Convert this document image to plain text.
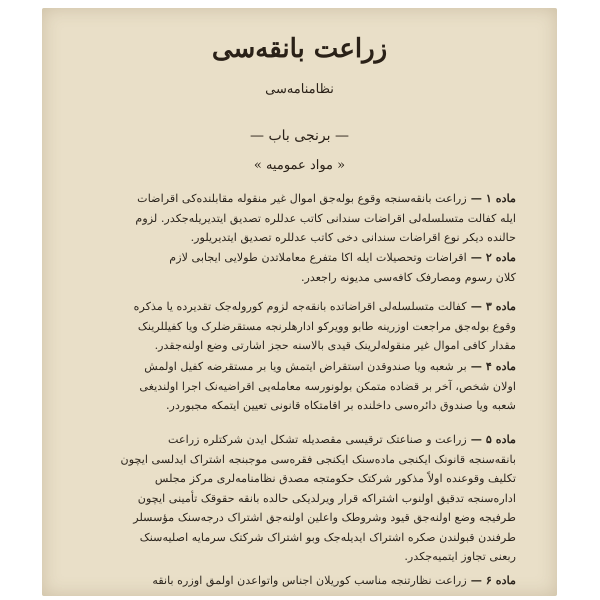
زراعت بانقه‌سی
نظامنامه‌سی
— برنجی باب —
« مواد عمومیه »
ماده ۱ —زراعت بانقه‌سنجه وقوع بوله‌جق اموال غیر منقوله مقابلنده‌کی اقراضات
ایله کفالت متسلسله‌لی اقراضات سندانی کاتب عدللره تصدیق ایتدیریله‌جکدر. لزوم
حالنده دیکر نوع اقراضات سندانی دخی کاتب عدللره تصدیق ایتدیریلور.
ماده ۲ —اقراضات وتحصیلات ایله اکا متفرع معاملاتدن طولایی ایجابی لازم
کلان رسوم ومصارفک کافه‌سی مدیونه راجعدر.
ماده ۳ —کفالت متسلسله‌لی اقراضاتده بانقه‌جه لزوم کوروله‌جک تقدیرده یا مذکره
وقوع بوله‌جق مراجعت اوزرینه طابو وویرکو ادارهلرنجه مستقرضلرک ویا کفیللرینک
مقدار کافی اموال غیر منقوله‌لرینک قیدی بالاسنه حجز اشارتی وضع اولنه‌جقدر.
ماده ۴ —بر شعبه ویا صندوقدن استقراض ایتمش ویا بر مستقرضه کفیل اولمش
اولان شخص، آخر بر قضاده متمکن بولونورسه معامله‌یی اقراضیه‌نک اجرا اولندیغی
شعبه ویا صندوق دائره‌سی داخلنده بر اقامتکاه قانونی تعیین ایتمکه مجبوردر.
ماده ۵ —زراعت و صناعتک ترقیسی مقصدیله تشکل ایدن شرکتلره زراعت
بانقه‌سنجه قانونک ایکنجی ماده‌سنک ایکنجی فقره‌سی موجبنجه اشتراک ایدلسی ایچون
تکلیف وقوعنده اولاً مذکور شرکتک حکومتجه مصدق نظامنامه‌لری مرکز مجلس
اداره‌سنجه تدقیق اولنوب اشتراکه قرار ویرلدیکی حالده بانقه حقوقک تأمینی ایچون
طرفیجه وضع اولنه‌جق قیود وشروطک واعلین اولنه‌جق اشتراک درجه‌سنک مؤسسلر
طرفندن قبولندن صکره اشتراک ایدیله‌جک وبو اشتراک شرکتک سرمایه اصلیه‌سنک
ربعنی تجاوز ایتمیه‌جکدر.
ماده ۶ —زراعت نظارتنجه مناسب کوریلان اجناس واتواعدن اولمق اوزره بانقه
